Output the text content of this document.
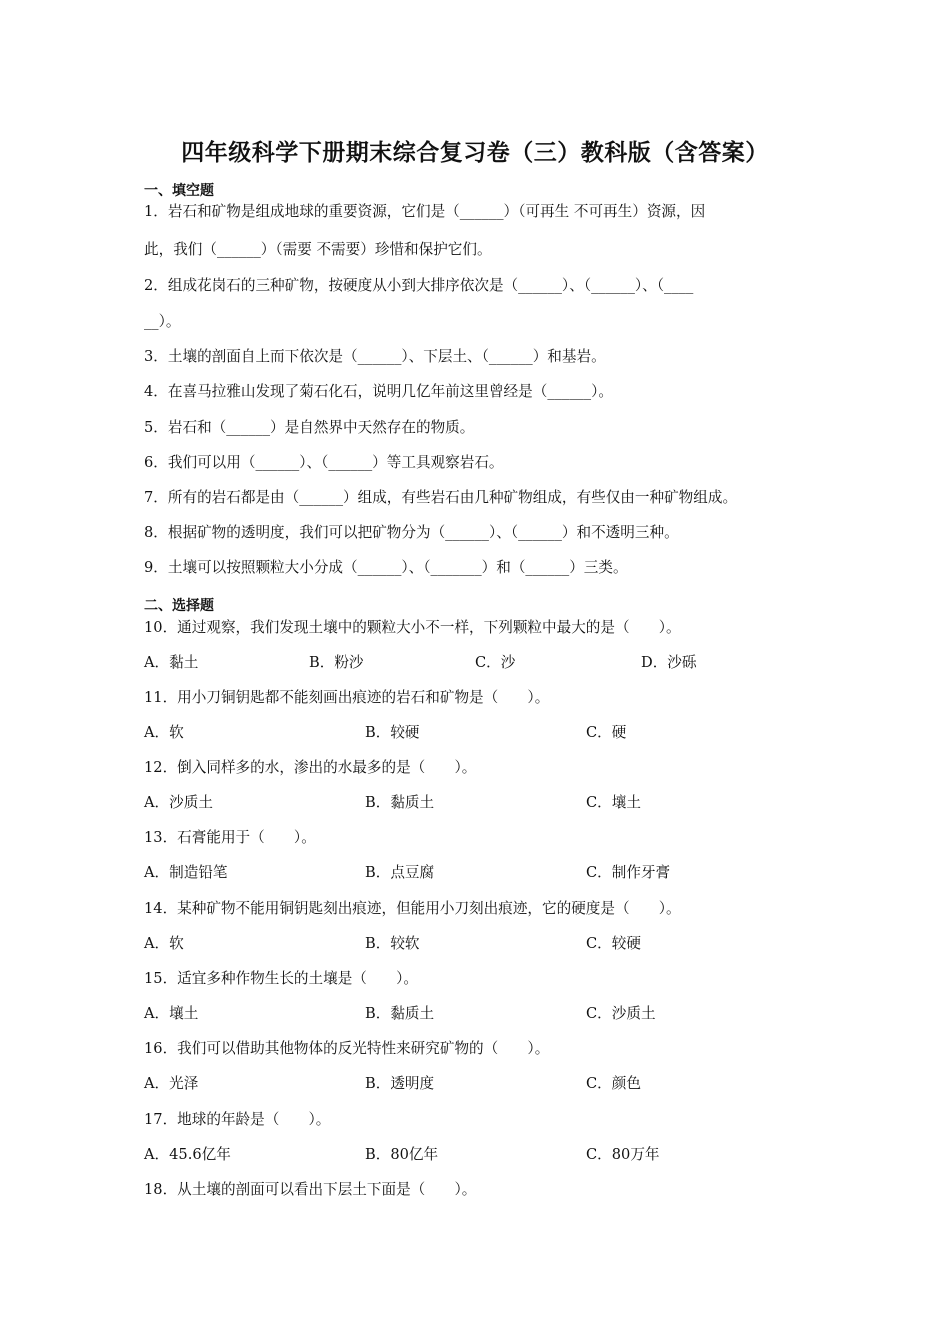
四年级科学下册期末综合复习卷（三）教科版（含答案）
一、填空题
1．岩石和矿物是组成地球的重要资源，它们是（______）（可再生 不可再生）资源，因
此，我们（______）（需要 不需要）珍惜和保护它们。
2．组成花岗石的三种矿物，按硬度从小到大排序依次是（______）、（______）、（____
__）。
3．土壤的剖面自上而下依次是（______）、下层土、（______）和基岩。
4．在喜马拉雅山发现了菊石化石，说明几亿年前这里曾经是（______）。
5．岩石和（______）是自然界中天然存在的物质。
6．我们可以用（______）、（______）等工具观察岩石。
7．所有的岩石都是由（______）组成，有些岩石由几种矿物组成，有些仅由一种矿物组成。
8．根据矿物的透明度，我们可以把矿物分为（______）、（______）和不透明三种。
9．土壤可以按照颗粒大小分成（______）、（_______）和（______）三类。
二、选择题
10．通过观察，我们发现土壤中的颗粒大小不一样，下列颗粒中最大的是（　　）。
A．黏土	B．粉沙	C．沙	D．沙砾
11．用小刀铜钥匙都不能刻画出痕迹的岩石和矿物是（　　）。
A．软	B．较硬	C．硬
12．倒入同样多的水，渗出的水最多的是（　　）。
A．沙质土	B．黏质土	C．壤土
13．石膏能用于（　　）。
A．制造铅笔	B．点豆腐	C．制作牙膏
14．某种矿物不能用铜钥匙刻出痕迹，但能用小刀刻出痕迹，它的硬度是（　　）。
A．软	B．较软	C．较硬
15．适宜多种作物生长的土壤是（　　）。
A．壤土	B．黏质土	C．沙质土
16．我们可以借助其他物体的反光特性来研究矿物的（　　）。
A．光泽	B．透明度	C．颜色
17．地球的年龄是（　　）。
A．45.6亿年	B．80亿年	C．80万年
18．从土壤的剖面可以看出下层土下面是（　　）。
